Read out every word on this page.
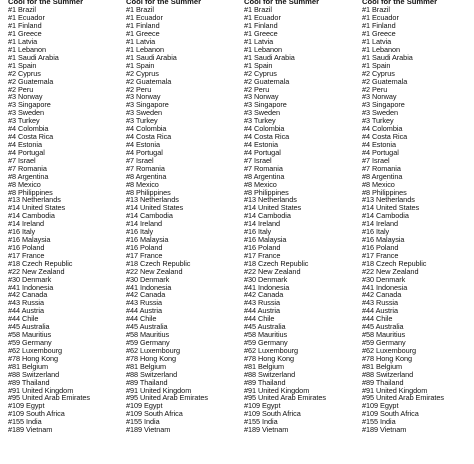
Cool for the Summer
#1 Brazil
#1 Ecuador
#1 Finland
#1 Greece
#1 Latvia
#1 Lebanon
#1 Saudi Arabia
#1 Spain
#2 Cyprus
#2 Guatemala
#2 Peru
#3 Norway
#3 Singapore
#3 Sweden
#3 Turkey
#4 Colombia
#4 Costa Rica
#4 Estonia
#4 Portugal
#7 Israel
#7 Romania
#8 Argentina
#8 Mexico
#8 Philippines
#13 Netherlands
#14 United States
#14 Cambodia
#14 Ireland
#16 Italy
#16 Malaysia
#16 Poland
#17 France
#18 Czech Republic
#22 New Zealand
#30 Denmark
#41 Indonesia
#42 Canada
#43 Russia
#44 Austria
#44 Chile
#45 Australia
#58 Mauritius
#59 Germany
#62 Luxembourg
#78 Hong Kong
#81 Belgium
#88 Switzerland
#89 Thailand
#91 United Kingdom
#95 United Arab Emirates
#109 Egypt
#109 South Africa
#155 India
#189 Vietnam
Cool for the Summer
#1 Brazil
#1 Ecuador
#1 Finland
#1 Greece
#1 Latvia
#1 Lebanon
#1 Saudi Arabia
#1 Spain
#2 Cyprus
#2 Guatemala
#2 Peru
#3 Norway
#3 Singapore
#3 Sweden
#3 Turkey
#4 Colombia
#4 Costa Rica
#4 Estonia
#4 Portugal
#7 Israel
#7 Romania
#8 Argentina
#8 Mexico
#8 Philippines
#13 Netherlands
#14 United States
#14 Cambodia
#14 Ireland
#16 Italy
#16 Malaysia
#16 Poland
#17 France
#18 Czech Republic
#22 New Zealand
#30 Denmark
#41 Indonesia
#42 Canada
#43 Russia
#44 Austria
#44 Chile
#45 Australia
#58 Mauritius
#59 Germany
#62 Luxembourg
#78 Hong Kong
#81 Belgium
#88 Switzerland
#89 Thailand
#91 United Kingdom
#95 United Arab Emirates
#109 Egypt
#109 South Africa
#155 India
#189 Vietnam
Cool for the Summer
#1 Brazil
#1 Ecuador
#1 Finland
#1 Greece
#1 Latvia
#1 Lebanon
#1 Saudi Arabia
#1 Spain
#2 Cyprus
#2 Guatemala
#2 Peru
#3 Norway
#3 Singapore
#3 Sweden
#3 Turkey
#4 Colombia
#4 Costa Rica
#4 Estonia
#4 Portugal
#7 Israel
#7 Romania
#8 Argentina
#8 Mexico
#8 Philippines
#13 Netherlands
#14 United States
#14 Cambodia
#14 Ireland
#16 Italy
#16 Malaysia
#16 Poland
#17 France
#18 Czech Republic
#22 New Zealand
#30 Denmark
#41 Indonesia
#42 Canada
#43 Russia
#44 Austria
#44 Chile
#45 Australia
#58 Mauritius
#59 Germany
#62 Luxembourg
#78 Hong Kong
#81 Belgium
#88 Switzerland
#89 Thailand
#91 United Kingdom
#95 United Arab Emirates
#109 Egypt
#109 South Africa
#155 India
#189 Vietnam
Cool for the Summer
#1 Brazil
#1 Ecuador
#1 Finland
#1 Greece
#1 Latvia
#1 Lebanon
#1 Saudi Arabia
#1 Spain
#2 Cyprus
#2 Guatemala
#2 Peru
#3 Norway
#3 Singapore
#3 Sweden
#3 Turkey
#4 Colombia
#4 Costa Rica
#4 Estonia
#4 Portugal
#7 Israel
#7 Romania
#8 Argentina
#8 Mexico
#8 Philippines
#13 Netherlands
#14 United States
#14 Cambodia
#14 Ireland
#16 Italy
#16 Malaysia
#16 Poland
#17 France
#18 Czech Republic
#22 New Zealand
#30 Denmark
#41 Indonesia
#42 Canada
#43 Russia
#44 Austria
#44 Chile
#45 Australia
#58 Mauritius
#59 Germany
#62 Luxembourg
#78 Hong Kong
#81 Belgium
#88 Switzerland
#89 Thailand
#91 United Kingdom
#95 United Arab Emirates
#109 Egypt
#109 South Africa
#155 India
#189 Vietnam
